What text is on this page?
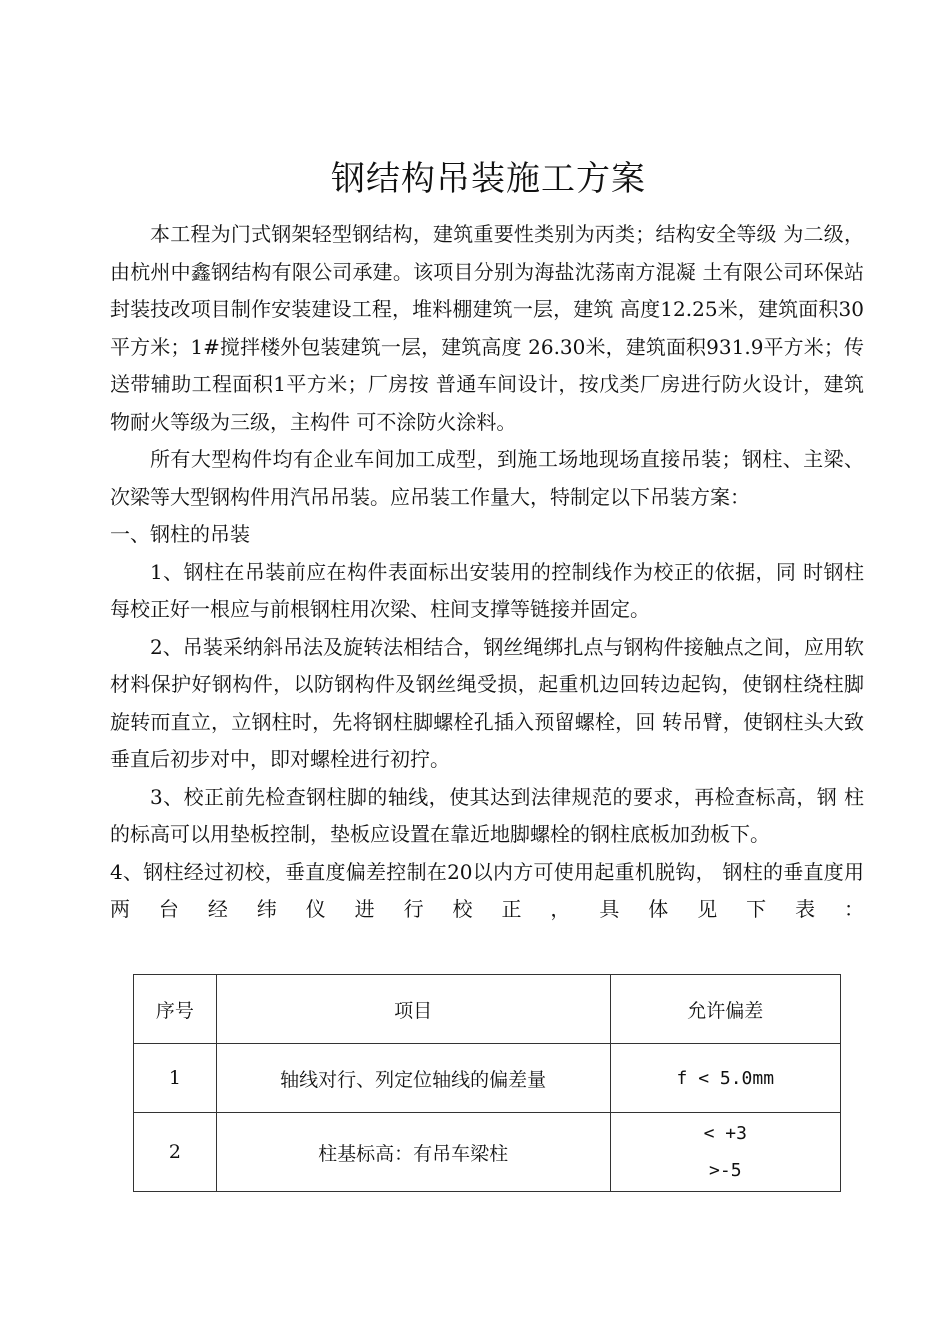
钢结构吊装施工方案

本工程为门式钢架轻型钢结构，建筑重要性类别为丙类；结构安全等级 为二级，由杭州中鑫钢结构有限公司承建。该项目分别为海盐沈荡南方混凝 土有限公司环保站封装技改项目制作安装建设工程，堆料棚建筑一层，建筑 高度12.25米，建筑面积30平方米；1#搅拌楼外包装建筑一层，建筑高度 26.30米，建筑面积931.9平方米；传送带辅助工程面积1平方米；厂房按 普通车间设计，按戊类厂房进行防火设计，建筑物耐火等级为三级，主构件 可不涂防火涂料。

所有大型构件均有企业车间加工成型，到施工场地现场直接吊装；钢柱、主梁、次梁等大型钢构件用汽吊吊装。应吊装工作量大，特制定以下吊装方案：

一、钢柱的吊装

1、钢柱在吊装前应在构件表面标出安装用的控制线作为校正的依据，同 时钢柱每校正好一根应与前根钢柱用次梁、柱间支撑等链接并固定。

2、吊装采纳斜吊法及旋转法相结合，钢丝绳绑扎点与钢构件接触点之间，应用软材料保护好钢构件，以防钢构件及钢丝绳受损，起重机边回转边起钩，使钢柱绕柱脚旋转而直立，立钢柱时，先将钢柱脚螺栓孔插入预留螺栓，回 转吊臂，使钢柱头大致垂直后初步对中，即对螺栓进行初拧。

3、校正前先检查钢柱脚的轴线，使其达到法律规范的要求，再检查标高，钢 柱的标高可以用垫板控制，垫板应设置在靠近地脚螺栓的钢柱底板加劲板下。

4、钢柱经过初校，垂直度偏差控制在20以内方可使用起重机脱钩， 钢柱的垂直度用两台经纬仪进行校正，具体见下表：

序号	项目	允许偏差
1	轴线对行、列定位轴线的偏差量	f < 5.0mm
2	柱基标高：有吊车梁柱	< +3
>-5
